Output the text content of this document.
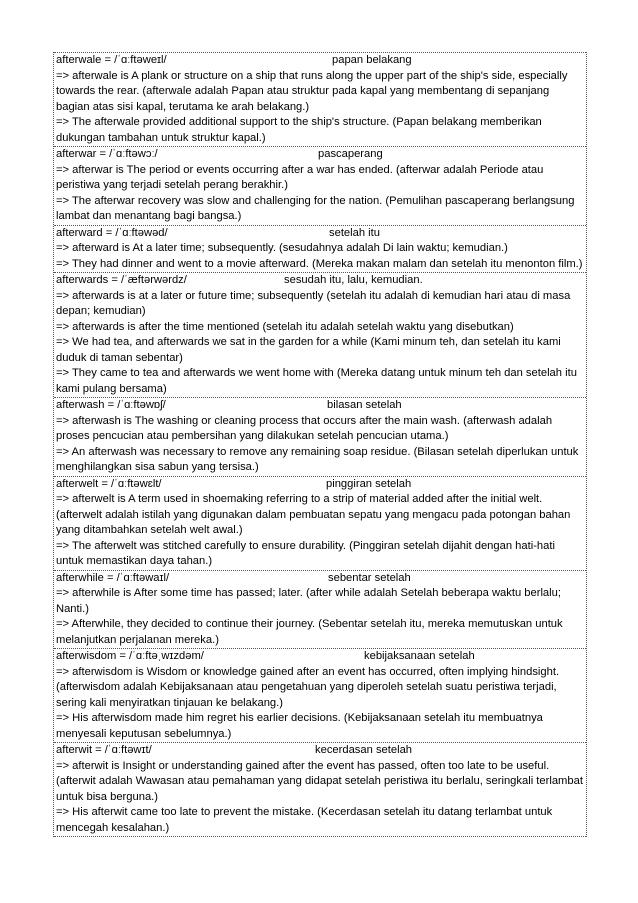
afterwale = /ˈɑːftəweɪl/	papan belakang
=> afterwale is A plank or structure on a ship that runs along the upper part of the ship's side, especially towards the rear. (afterwale adalah Papan atau struktur pada kapal yang membentang di sepanjang bagian atas sisi kapal, terutama ke arah belakang.)
=> The afterwale provided additional support to the ship's structure. (Papan belakang memberikan dukungan tambahan untuk struktur kapal.)
afterwar = /ˈɑːftəwɔː/	pascaperang
=> afterwar is The period or events occurring after a war has ended. (afterwar adalah Periode atau peristiwa yang terjadi setelah perang berakhir.)
=> The afterwar recovery was slow and challenging for the nation. (Pemulihan pascaperang berlangsung lambat dan menantang bagi bangsa.)
afterward = /ˈɑːftəwəd/	setelah itu
=> afterward is At a later time; subsequently. (sesudahnya adalah Di lain waktu; kemudian.)
=> They had dinner and went to a movie afterward. (Mereka makan malam dan setelah itu menonton film.)
afterwards = /ˈæftərwərdz/	sesudah itu, lalu, kemudian.
=> afterwards is at a later or future time; subsequently (setelah itu adalah di kemudian hari atau di masa depan; kemudian)
=> afterwards is after the time mentioned (setelah itu adalah setelah waktu yang disebutkan)
=> We had tea, and afterwards we sat in the garden for a while (Kami minum teh, dan setelah itu kami duduk di taman sebentar)
=> They came to tea and afterwards we went home with (Mereka datang untuk minum teh dan setelah itu kami pulang bersama)
afterwash = /ˈɑːftəwɒʃ/	bilasan setelah
=> afterwash is The washing or cleaning process that occurs after the main wash. (afterwash adalah proses pencucian atau pembersihan yang dilakukan setelah pencucian utama.)
=> An afterwash was necessary to remove any remaining soap residue. (Bilasan setelah diperlukan untuk menghilangkan sisa sabun yang tersisa.)
afterwelt = /ˈɑːftəwɛlt/	pinggiran setelah
=> afterwelt is A term used in shoemaking referring to a strip of material added after the initial welt. (afterwelt adalah istilah yang digunakan dalam pembuatan sepatu yang mengacu pada potongan bahan yang ditambahkan setelah welt awal.)
=> The afterwelt was stitched carefully to ensure durability. (Pinggiran setelah dijahit dengan hati-hati untuk memastikan daya tahan.)
afterwhile = /ˈɑːftəwaɪl/	sebentar setelah
=> afterwhile is After some time has passed; later. (after while adalah Setelah beberapa waktu berlalu; Nanti.)
=> Afterwhile, they decided to continue their journey. (Sebentar setelah itu, mereka memutuskan untuk melanjutkan perjalanan mereka.)
afterwisdom = /ˈɑːftəˌwɪzdəm/	kebijaksanaan setelah
=> afterwisdom is Wisdom or knowledge gained after an event has occurred, often implying hindsight. (afterwisdom adalah Kebijaksanaan atau pengetahuan yang diperoleh setelah suatu peristiwa terjadi, sering kali menyiratkan tinjauan ke belakang.)
=> His afterwisdom made him regret his earlier decisions. (Kebijaksanaan setelah itu membuatnya menyesali keputusan sebelumnya.)
afterwit = /ˈɑːftəwɪt/	kecerdasan setelah
=> afterwit is Insight or understanding gained after the event has passed, often too late to be useful. (afterwit adalah Wawasan atau pemahaman yang didapat setelah peristiwa itu berlalu, seringkali terlambat untuk bisa berguna.)
=> His afterwit came too late to prevent the mistake. (Kecerdasan setelah itu datang terlambat untuk mencegah kesalahan.)
